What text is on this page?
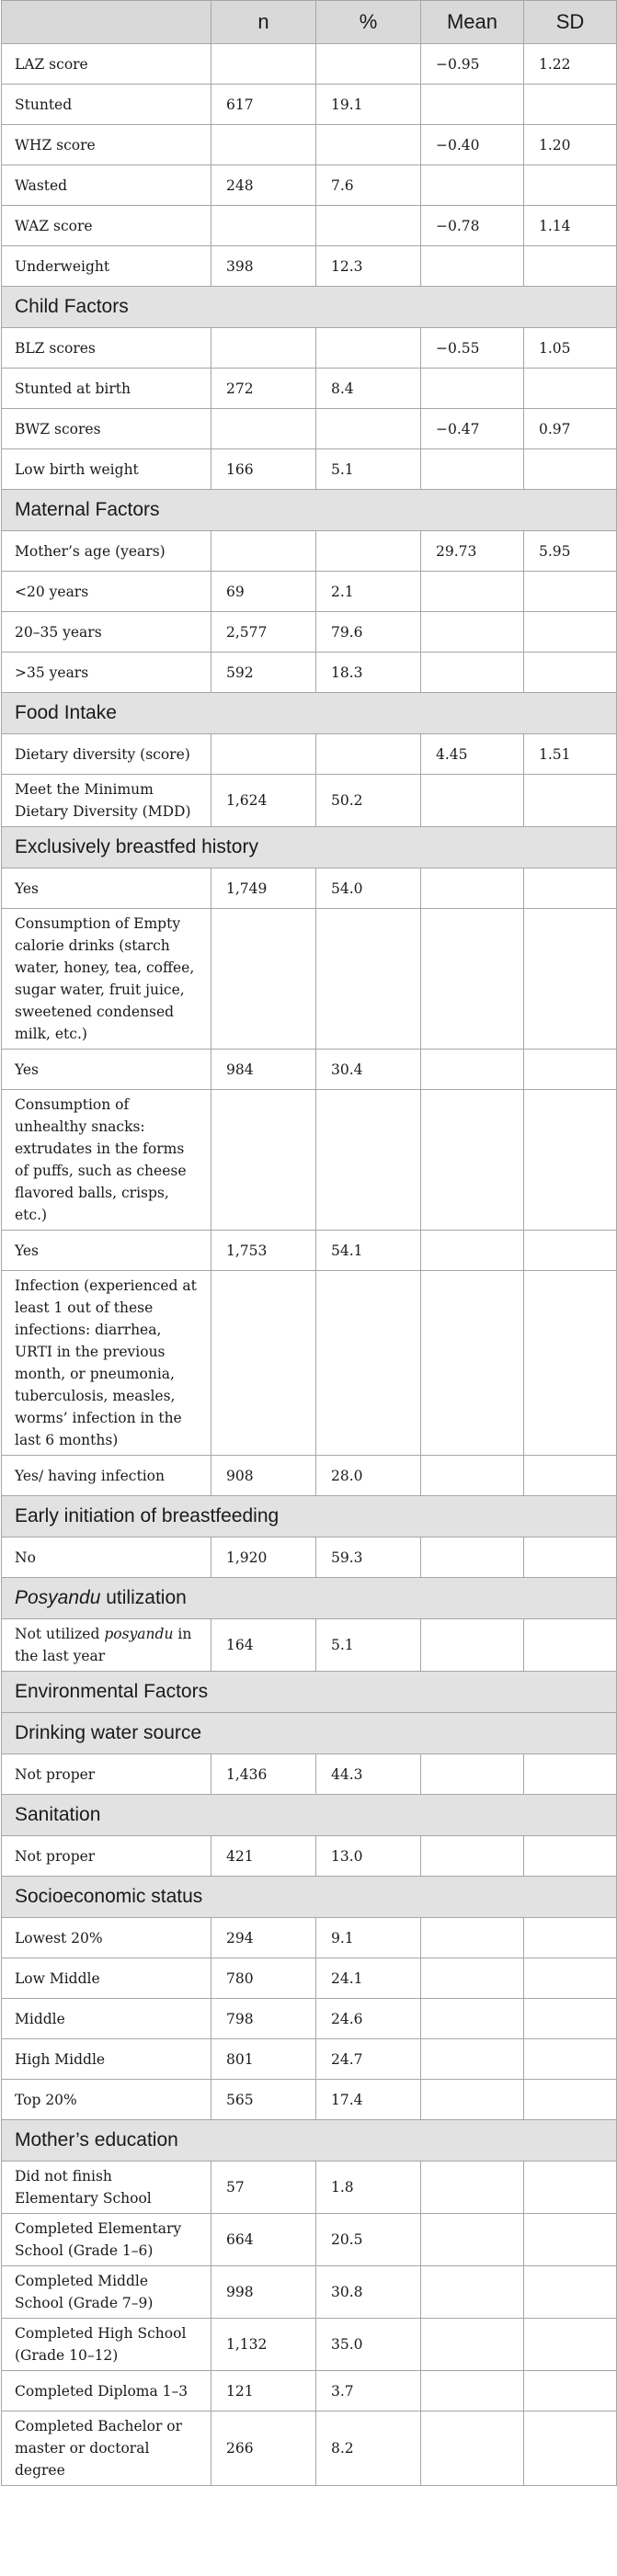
	n	%	Mean	SD
LAZ score			−0.95	1.22
Stunted	617	19.1		
WHZ score			−0.40	1.20
Wasted	248	7.6		
WAZ score			−0.78	1.14
Underweight	398	12.3		
Child Factors				
BLZ scores			−0.55	1.05
Stunted at birth	272	8.4		
BWZ scores			−0.47	0.97
Low birth weight	166	5.1		
Maternal Factors				
Mother’s age (years)			29.73	5.95
<20 years	69	2.1		
20–35 years	2,577	79.6		
>35 years	592	18.3		
Food Intake				
Dietary diversity (score)			4.45	1.51
Meet the Minimum Dietary Diversity (MDD)	1,624	50.2		
Exclusively breastfed history				
Yes	1,749	54.0		
Consumption of Empty calorie drinks (starch water, honey, tea, coffee, sugar water, fruit juice, sweetened condensed milk, etc.)				
Yes	984	30.4		
Consumption of unhealthy snacks: extrudates in the forms of puffs, such as cheese flavored balls, crisps, etc.)				
Yes	1,753	54.1		
Infection (experienced at least 1 out of these infections: diarrhea, URTI in the previous month, or pneumonia, tuberculosis, measles, worms’ infection in the last 6 months)				
Yes/ having infection	908	28.0		
Early initiation of breastfeeding				
No	1,920	59.3		
Posyandu utilization				
Not utilized posyandu in the last year	164	5.1		
Environmental Factors				
Drinking water source				
Not proper	1,436	44.3		
Sanitation				
Not proper	421	13.0		
Socioeconomic status				
Lowest 20%	294	9.1		
Low Middle	780	24.1		
Middle	798	24.6		
High Middle	801	24.7		
Top 20%	565	17.4		
Mother’s education				
Did not finish Elementary School	57	1.8		
Completed Elementary School (Grade 1–6)	664	20.5		
Completed Middle School (Grade 7–9)	998	30.8		
Completed High School (Grade 10–12)	1,132	35.0		
Completed Diploma 1–3	121	3.7		
Completed Bachelor or master or doctoral degree	266	8.2		
